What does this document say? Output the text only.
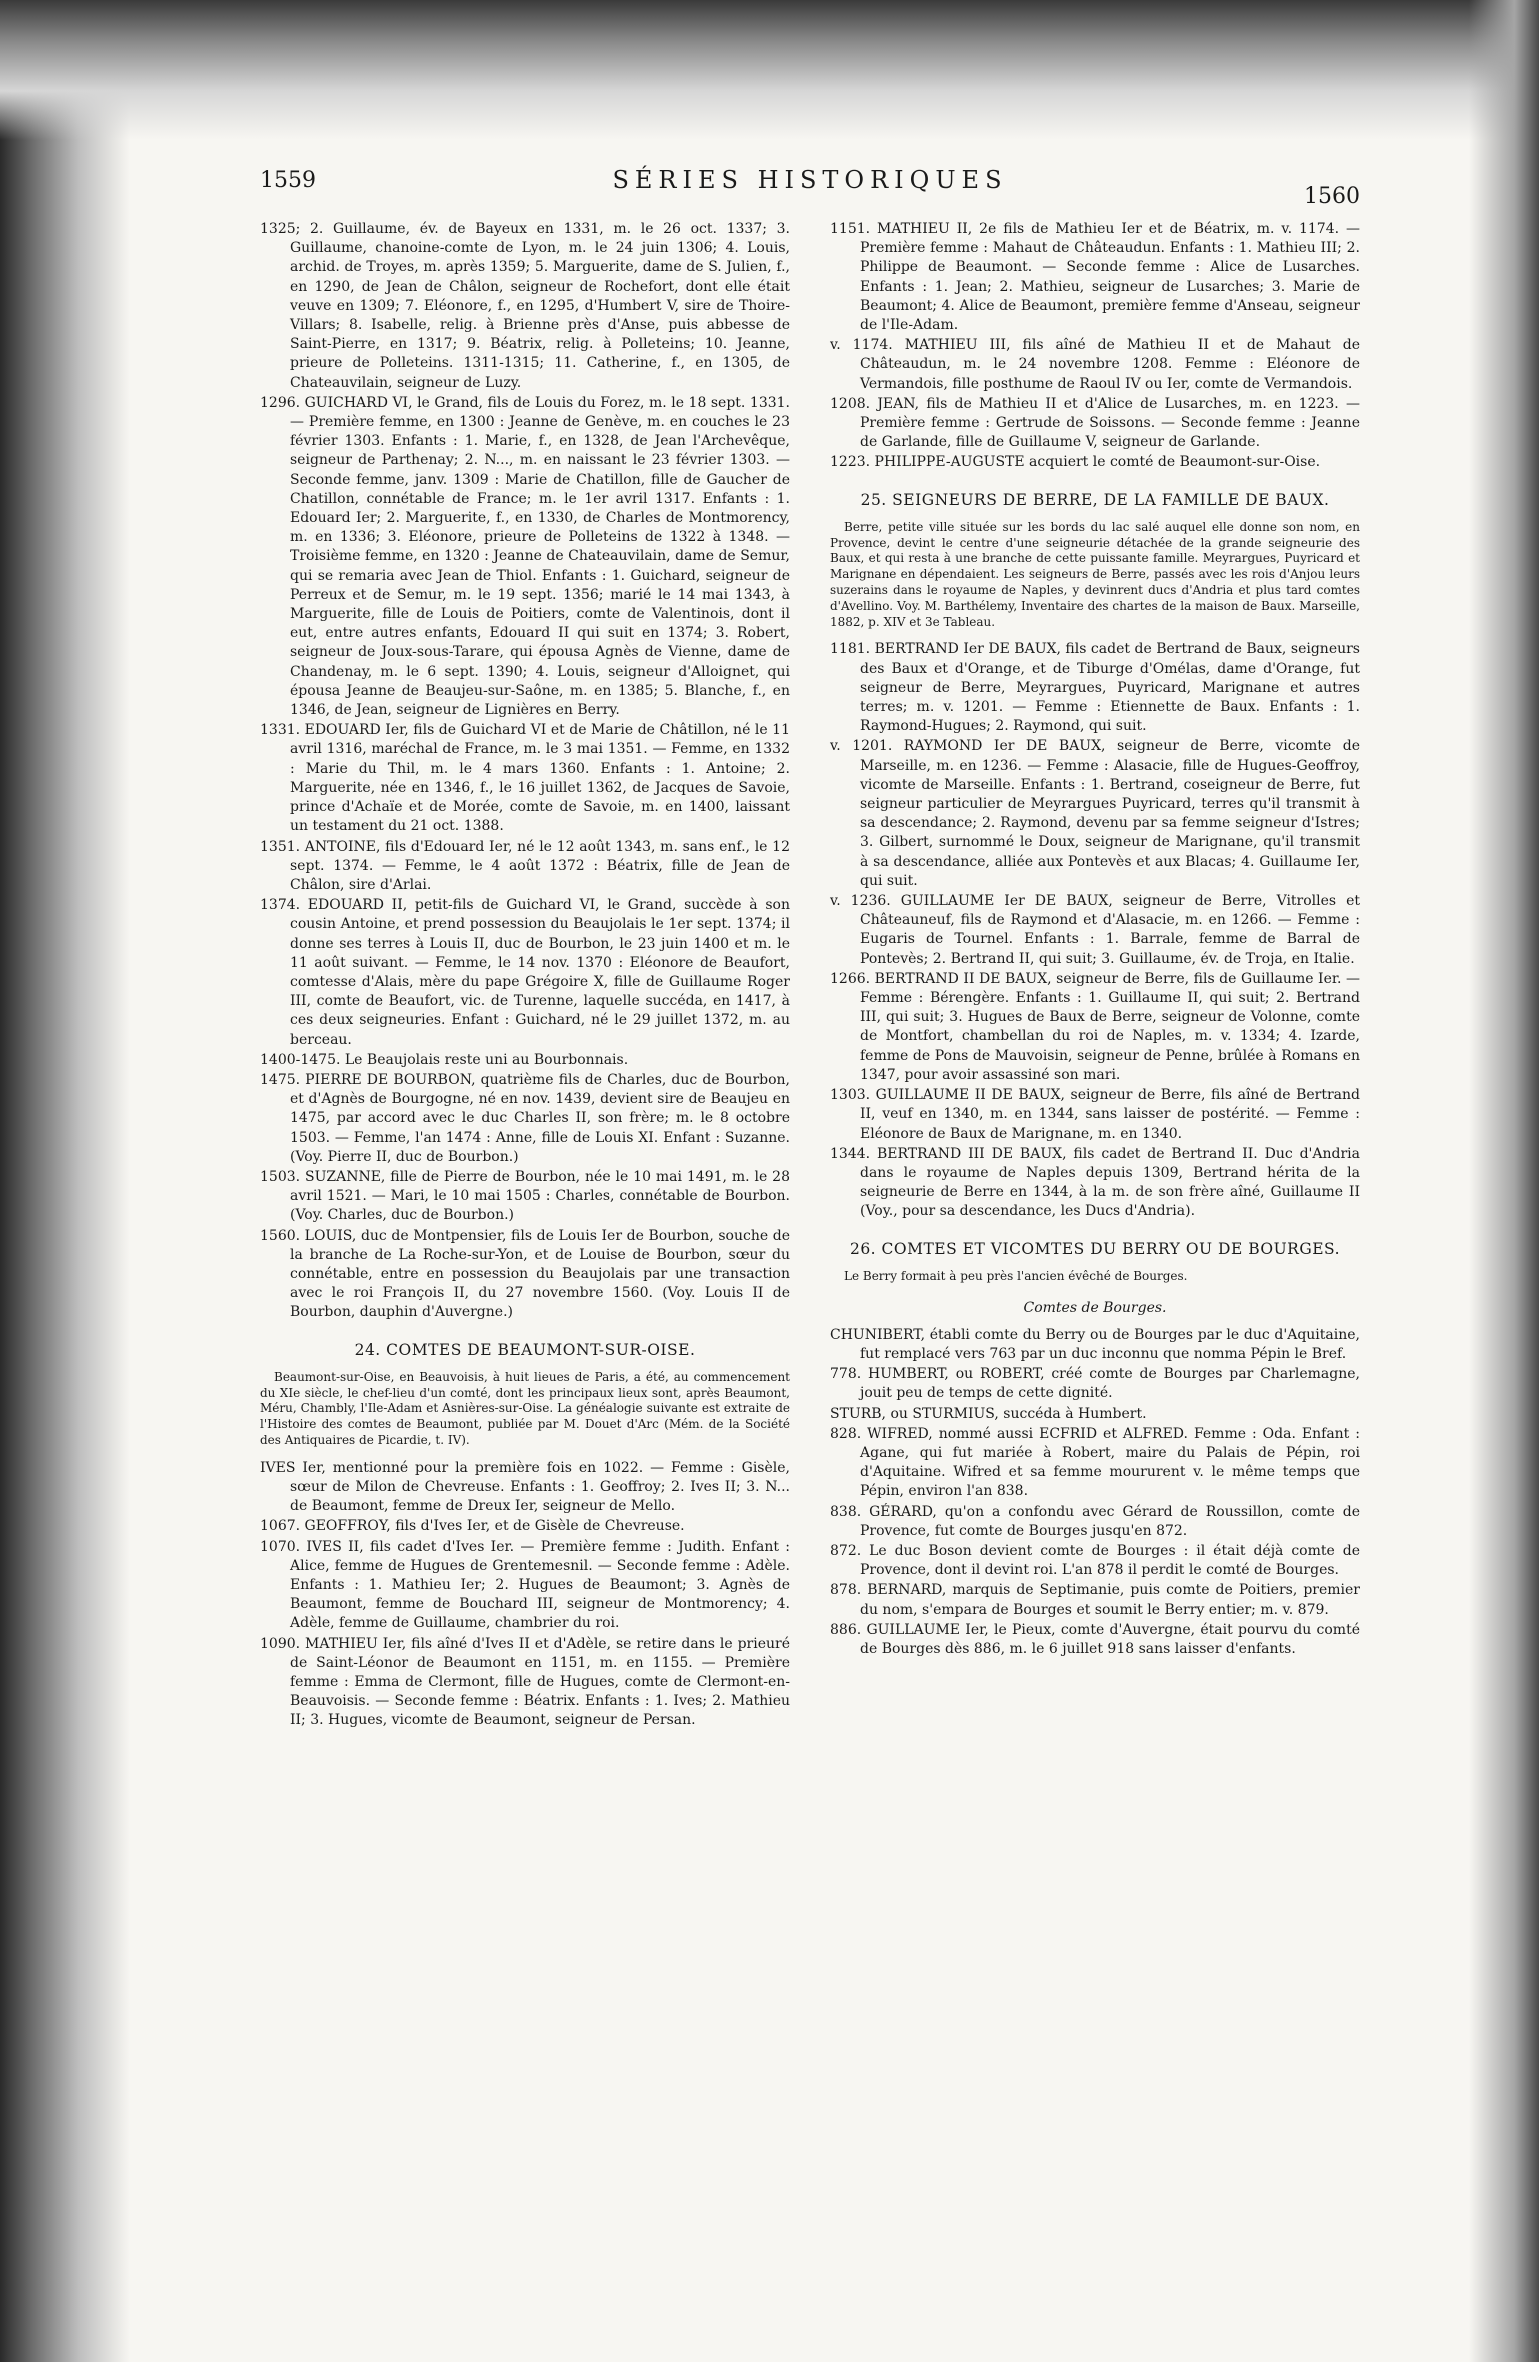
1559	SÉRIES HISTORIQUES
1560

1325; 2. Guillaume, év. de Bayeux en 1331, m. le 26 oct. 1337; 3. Guillaume, chanoine-comte de Lyon, m. le 24 juin 1306; 4. Louis, archid. de Troyes, m. après 1359; 5. Marguerite, dame de S. Julien, f., en 1290, de Jean de Châlon, seigneur de Rochefort, dont elle était veuve en 1309; 7. Eléonore, f., en 1295, d'Humbert V, sire de Thoire-Villars; 8. Isabelle, relig. à Brienne près d'Anse, puis abbesse de Saint-Pierre, en 1317; 9. Béatrix, relig. à Polleteins; 10. Jeanne, prieure de Polleteins. 1311-1315; 11. Catherine, f., en 1305, de Chateauvilain, seigneur de Luzy.

1296. GUICHARD VI, le Grand, fils de Louis du Forez, m. le 18 sept. 1331. — Première femme, en 1300 : Jeanne de Genève, m. en couches le 23 février 1303. Enfants : 1. Marie, f., en 1328, de Jean l'Archevêque, seigneur de Parthenay; 2. N..., m. en naissant le 23 février 1303. — Seconde femme, janv. 1309 : Marie de Chatillon, fille de Gaucher de Chatillon, connétable de France; m. le 1er avril 1317. Enfants : 1. Edouard Ier; 2. Marguerite, f., en 1330, de Charles de Montmorency, m. en 1336; 3. Eléonore, prieure de Polleteins de 1322 à 1348. — Troisième femme, en 1320 : Jeanne de Chateauvilain, dame de Semur, qui se remaria avec Jean de Thiol. Enfants : 1. Guichard, seigneur de Perreux et de Semur, m. le 19 sept. 1356; marié le 14 mai 1343, à Marguerite, fille de Louis de Poitiers, comte de Valentinois, dont il eut, entre autres enfants, Edouard II qui suit en 1374; 3. Robert, seigneur de Joux-sous-Tarare, qui épousa Agnès de Vienne, dame de Chandenay, m. le 6 sept. 1390; 4. Louis, seigneur d'Alloignet, qui épousa Jeanne de Beaujeu-sur-Saône, m. en 1385; 5. Blanche, f., en 1346, de Jean, seigneur de Lignières en Berry.

1331. EDOUARD Ier, fils de Guichard VI et de Marie de Châtillon, né le 11 avril 1316, maréchal de France, m. le 3 mai 1351. — Femme, en 1332 : Marie du Thil, m. le 4 mars 1360. Enfants : 1. Antoine; 2. Marguerite, née en 1346, f., le 16 juillet 1362, de Jacques de Savoie, prince d'Achaïe et de Morée, comte de Savoie, m. en 1400, laissant un testament du 21 oct. 1388.

1351. ANTOINE, fils d'Edouard Ier, né le 12 août 1343, m. sans enf., le 12 sept. 1374. — Femme, le 4 août 1372 : Béatrix, fille de Jean de Châlon, sire d'Arlai.

1374. EDOUARD II, petit-fils de Guichard VI, le Grand, succède à son cousin Antoine, et prend possession du Beaujolais le 1er sept. 1374; il donne ses terres à Louis II, duc de Bourbon, le 23 juin 1400 et m. le 11 août suivant. — Femme, le 14 nov. 1370 : Eléonore de Beaufort, comtesse d'Alais, mère du pape Grégoire X, fille de Guillaume Roger III, comte de Beaufort, vic. de Turenne, laquelle succéda, en 1417, à ces deux seigneuries. Enfant : Guichard, né le 29 juillet 1372, m. au berceau.

1400-1475. Le Beaujolais reste uni au Bourbonnais.

1475. PIERRE DE BOURBON, quatrième fils de Charles, duc de Bourbon, et d'Agnès de Bourgogne, né en nov. 1439, devient sire de Beaujeu en 1475, par accord avec le duc Charles II, son frère; m. le 8 octobre 1503. — Femme, l'an 1474 : Anne, fille de Louis XI. Enfant : Suzanne. (Voy. Pierre II, duc de Bourbon.)

1503. SUZANNE, fille de Pierre de Bourbon, née le 10 mai 1491, m. le 28 avril 1521. — Mari, le 10 mai 1505 : Charles, connétable de Bourbon. (Voy. Charles, duc de Bourbon.)

1560. LOUIS, duc de Montpensier, fils de Louis Ier de Bourbon, souche de la branche de La Roche-sur-Yon, et de Louise de Bourbon, sœur du connétable, entre en possession du Beaujolais par une transaction avec le roi François II, du 27 novembre 1560. (Voy. Louis II de Bourbon, dauphin d'Auvergne.)

24. COMTES DE BEAUMONT-SUR-OISE.

Beaumont-sur-Oise, en Beauvoisis, à huit lieues de Paris, a été, au commencement du XIe siècle, le chef-lieu d'un comté, dont les principaux lieux sont, après Beaumont, Méru, Chambly, l'Ile-Adam et Asnières-sur-Oise. La généalogie suivante est extraite de l'Histoire des comtes de Beaumont, publiée par M. Douet d'Arc (Mém. de la Société des Antiquaires de Picardie, t. IV).

IVES Ier, mentionné pour la première fois en 1022. — Femme : Gisèle, sœur de Milon de Chevreuse. Enfants : 1. Geoffroy; 2. Ives II; 3. N... de Beaumont, femme de Dreux Ier, seigneur de Mello.

1067. GEOFFROY, fils d'Ives Ier, et de Gisèle de Chevreuse.

1070. IVES II, fils cadet d'Ives Ier. — Première femme : Judith. Enfant : Alice, femme de Hugues de Grentemesnil. — Seconde femme : Adèle. Enfants : 1. Mathieu Ier; 2. Hugues de Beaumont; 3. Agnès de Beaumont, femme de Bouchard III, seigneur de Montmorency; 4. Adèle, femme de Guillaume, chambrier du roi.

1090. MATHIEU Ier, fils aîné d'Ives II et d'Adèle, se retire dans le prieuré de Saint-Léonor de Beaumont en 1151, m. en 1155. — Première femme : Emma de Clermont, fille de Hugues, comte de Clermont-en-Beauvoisis. — Seconde femme : Béatrix. Enfants : 1. Ives; 2. Mathieu II; 3. Hugues, vicomte de Beaumont, seigneur de Persan.

1151. MATHIEU II, 2e fils de Mathieu Ier et de Béatrix, m. v. 1174. — Première femme : Mahaut de Châteaudun. Enfants : 1. Mathieu III; 2. Philippe de Beaumont. — Seconde femme : Alice de Lusarches. Enfants : 1. Jean; 2. Mathieu, seigneur de Lusarches; 3. Marie de Beaumont; 4. Alice de Beaumont, première femme d'Anseau, seigneur de l'Ile-Adam.

v. 1174. MATHIEU III, fils aîné de Mathieu II et de Mahaut de Châteaudun, m. le 24 novembre 1208. Femme : Eléonore de Vermandois, fille posthume de Raoul IV ou Ier, comte de Vermandois.

1208. JEAN, fils de Mathieu II et d'Alice de Lusarches, m. en 1223. — Première femme : Gertrude de Soissons. — Seconde femme : Jeanne de Garlande, fille de Guillaume V, seigneur de Garlande.

1223. PHILIPPE-AUGUSTE acquiert le comté de Beaumont-sur-Oise.

25. SEIGNEURS DE BERRE, DE LA FAMILLE DE BAUX.

Berre, petite ville située sur les bords du lac salé auquel elle donne son nom, en Provence, devint le centre d'une seigneurie détachée de la grande seigneurie des Baux, et qui resta à une branche de cette puissante famille. Meyrargues, Puyricard et Marignane en dépendaient. Les seigneurs de Berre, passés avec les rois d'Anjou leurs suzerains dans le royaume de Naples, y devinrent ducs d'Andria et plus tard comtes d'Avellino. Voy. M. Barthélemy, Inventaire des chartes de la maison de Baux. Marseille, 1882, p. XIV et 3e Tableau.

1181. BERTRAND Ier DE BAUX, fils cadet de Bertrand de Baux, seigneurs des Baux et d'Orange, et de Tiburge d'Omélas, dame d'Orange, fut seigneur de Berre, Meyrargues, Puyricard, Marignane et autres terres; m. v. 1201. — Femme : Etiennette de Baux. Enfants : 1. Raymond-Hugues; 2. Raymond, qui suit.

v. 1201. RAYMOND Ier DE BAUX, seigneur de Berre, vicomte de Marseille, m. en 1236. — Femme : Alasacie, fille de Hugues-Geoffroy, vicomte de Marseille. Enfants : 1. Bertrand, coseigneur de Berre, fut seigneur particulier de Meyrargues Puyricard, terres qu'il transmit à sa descendance; 2. Raymond, devenu par sa femme seigneur d'Istres; 3. Gilbert, surnommé le Doux, seigneur de Marignane, qu'il transmit à sa descendance, alliée aux Pontevès et aux Blacas; 4. Guillaume Ier, qui suit.

v. 1236. GUILLAUME Ier DE BAUX, seigneur de Berre, Vitrolles et Châteauneuf, fils de Raymond et d'Alasacie, m. en 1266. — Femme : Eugaris de Tournel. Enfants : 1. Barrale, femme de Barral de Pontevès; 2. Bertrand II, qui suit; 3. Guillaume, év. de Troja, en Italie.

1266. BERTRAND II DE BAUX, seigneur de Berre, fils de Guillaume Ier. — Femme : Bérengère. Enfants : 1. Guillaume II, qui suit; 2. Bertrand III, qui suit; 3. Hugues de Baux de Berre, seigneur de Volonne, comte de Montfort, chambellan du roi de Naples, m. v. 1334; 4. Izarde, femme de Pons de Mauvoisin, seigneur de Penne, brûlée à Romans en 1347, pour avoir assassiné son mari.

1303. GUILLAUME II DE BAUX, seigneur de Berre, fils aîné de Bertrand II, veuf en 1340, m. en 1344, sans laisser de postérité. — Femme : Eléonore de Baux de Marignane, m. en 1340.

1344. BERTRAND III DE BAUX, fils cadet de Bertrand II. Duc d'Andria dans le royaume de Naples depuis 1309, Bertrand hérita de la seigneurie de Berre en 1344, à la m. de son frère aîné, Guillaume II (Voy., pour sa descendance, les Ducs d'Andria).

26. COMTES ET VICOMTES DU BERRY OU DE BOURGES.

Le Berry formait à peu près l'ancien évêché de Bourges.

Comtes de Bourges.

CHUNIBERT, établi comte du Berry ou de Bourges par le duc d'Aquitaine, fut remplacé vers 763 par un duc inconnu que nomma Pépin le Bref.

778. HUMBERT, ou ROBERT, créé comte de Bourges par Charlemagne, jouit peu de temps de cette dignité.

STURB, ou STURMIUS, succéda à Humbert.

828. WIFRED, nommé aussi ECFRID et ALFRED. Femme : Oda. Enfant : Agane, qui fut mariée à Robert, maire du Palais de Pépin, roi d'Aquitaine. Wifred et sa femme moururent v. le même temps que Pépin, environ l'an 838.

838. GÉRARD, qu'on a confondu avec Gérard de Roussillon, comte de Provence, fut comte de Bourges jusqu'en 872.

872. Le duc Boson devient comte de Bourges : il était déjà comte de Provence, dont il devint roi. L'an 878 il perdit le comté de Bourges.

878. BERNARD, marquis de Septimanie, puis comte de Poitiers, premier du nom, s'empara de Bourges et soumit le Berry entier; m. v. 879.

886. GUILLAUME Ier, le Pieux, comte d'Auvergne, était pourvu du comté de Bourges dès 886, m. le 6 juillet 918 sans laisser d'enfants.
